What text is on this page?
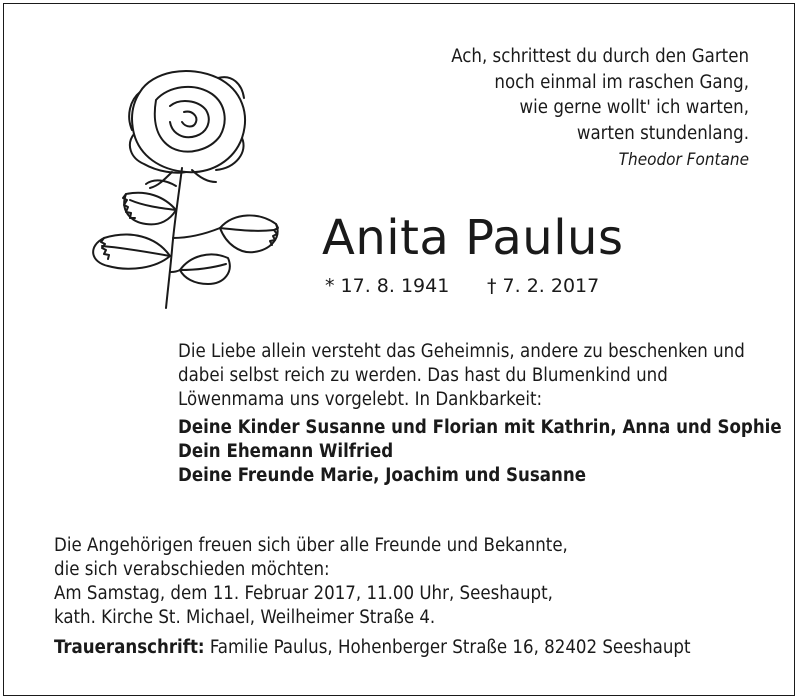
Ach, schrittest du durch den Garten
noch einmal im raschen Gang,
wie gerne wollt' ich warten,
warten stundenlang.
Theodor Fontane
Anita Paulus
* 17. 8. 1941 † 7. 2. 2017
Die Liebe allein versteht das Geheimnis, andere zu beschenken und
dabei selbst reich zu werden. Das hast du Blumenkind und
Löwenmama uns vorgelebt. In Dankbarkeit:
Deine Kinder Susanne und Florian mit Kathrin, Anna und Sophie
Dein Ehemann Wilfried
Deine Freunde Marie, Joachim und Susanne
Die Angehörigen freuen sich über alle Freunde und Bekannte,
die sich verabschieden möchten:
Am Samstag, dem 11. Februar 2017, 11.00 Uhr, Seeshaupt,
kath. Kirche St. Michael, Weilheimer Straße 4.
Traueranschrift: Familie Paulus, Hohenberger Straße 16, 82402 Seeshaupt
